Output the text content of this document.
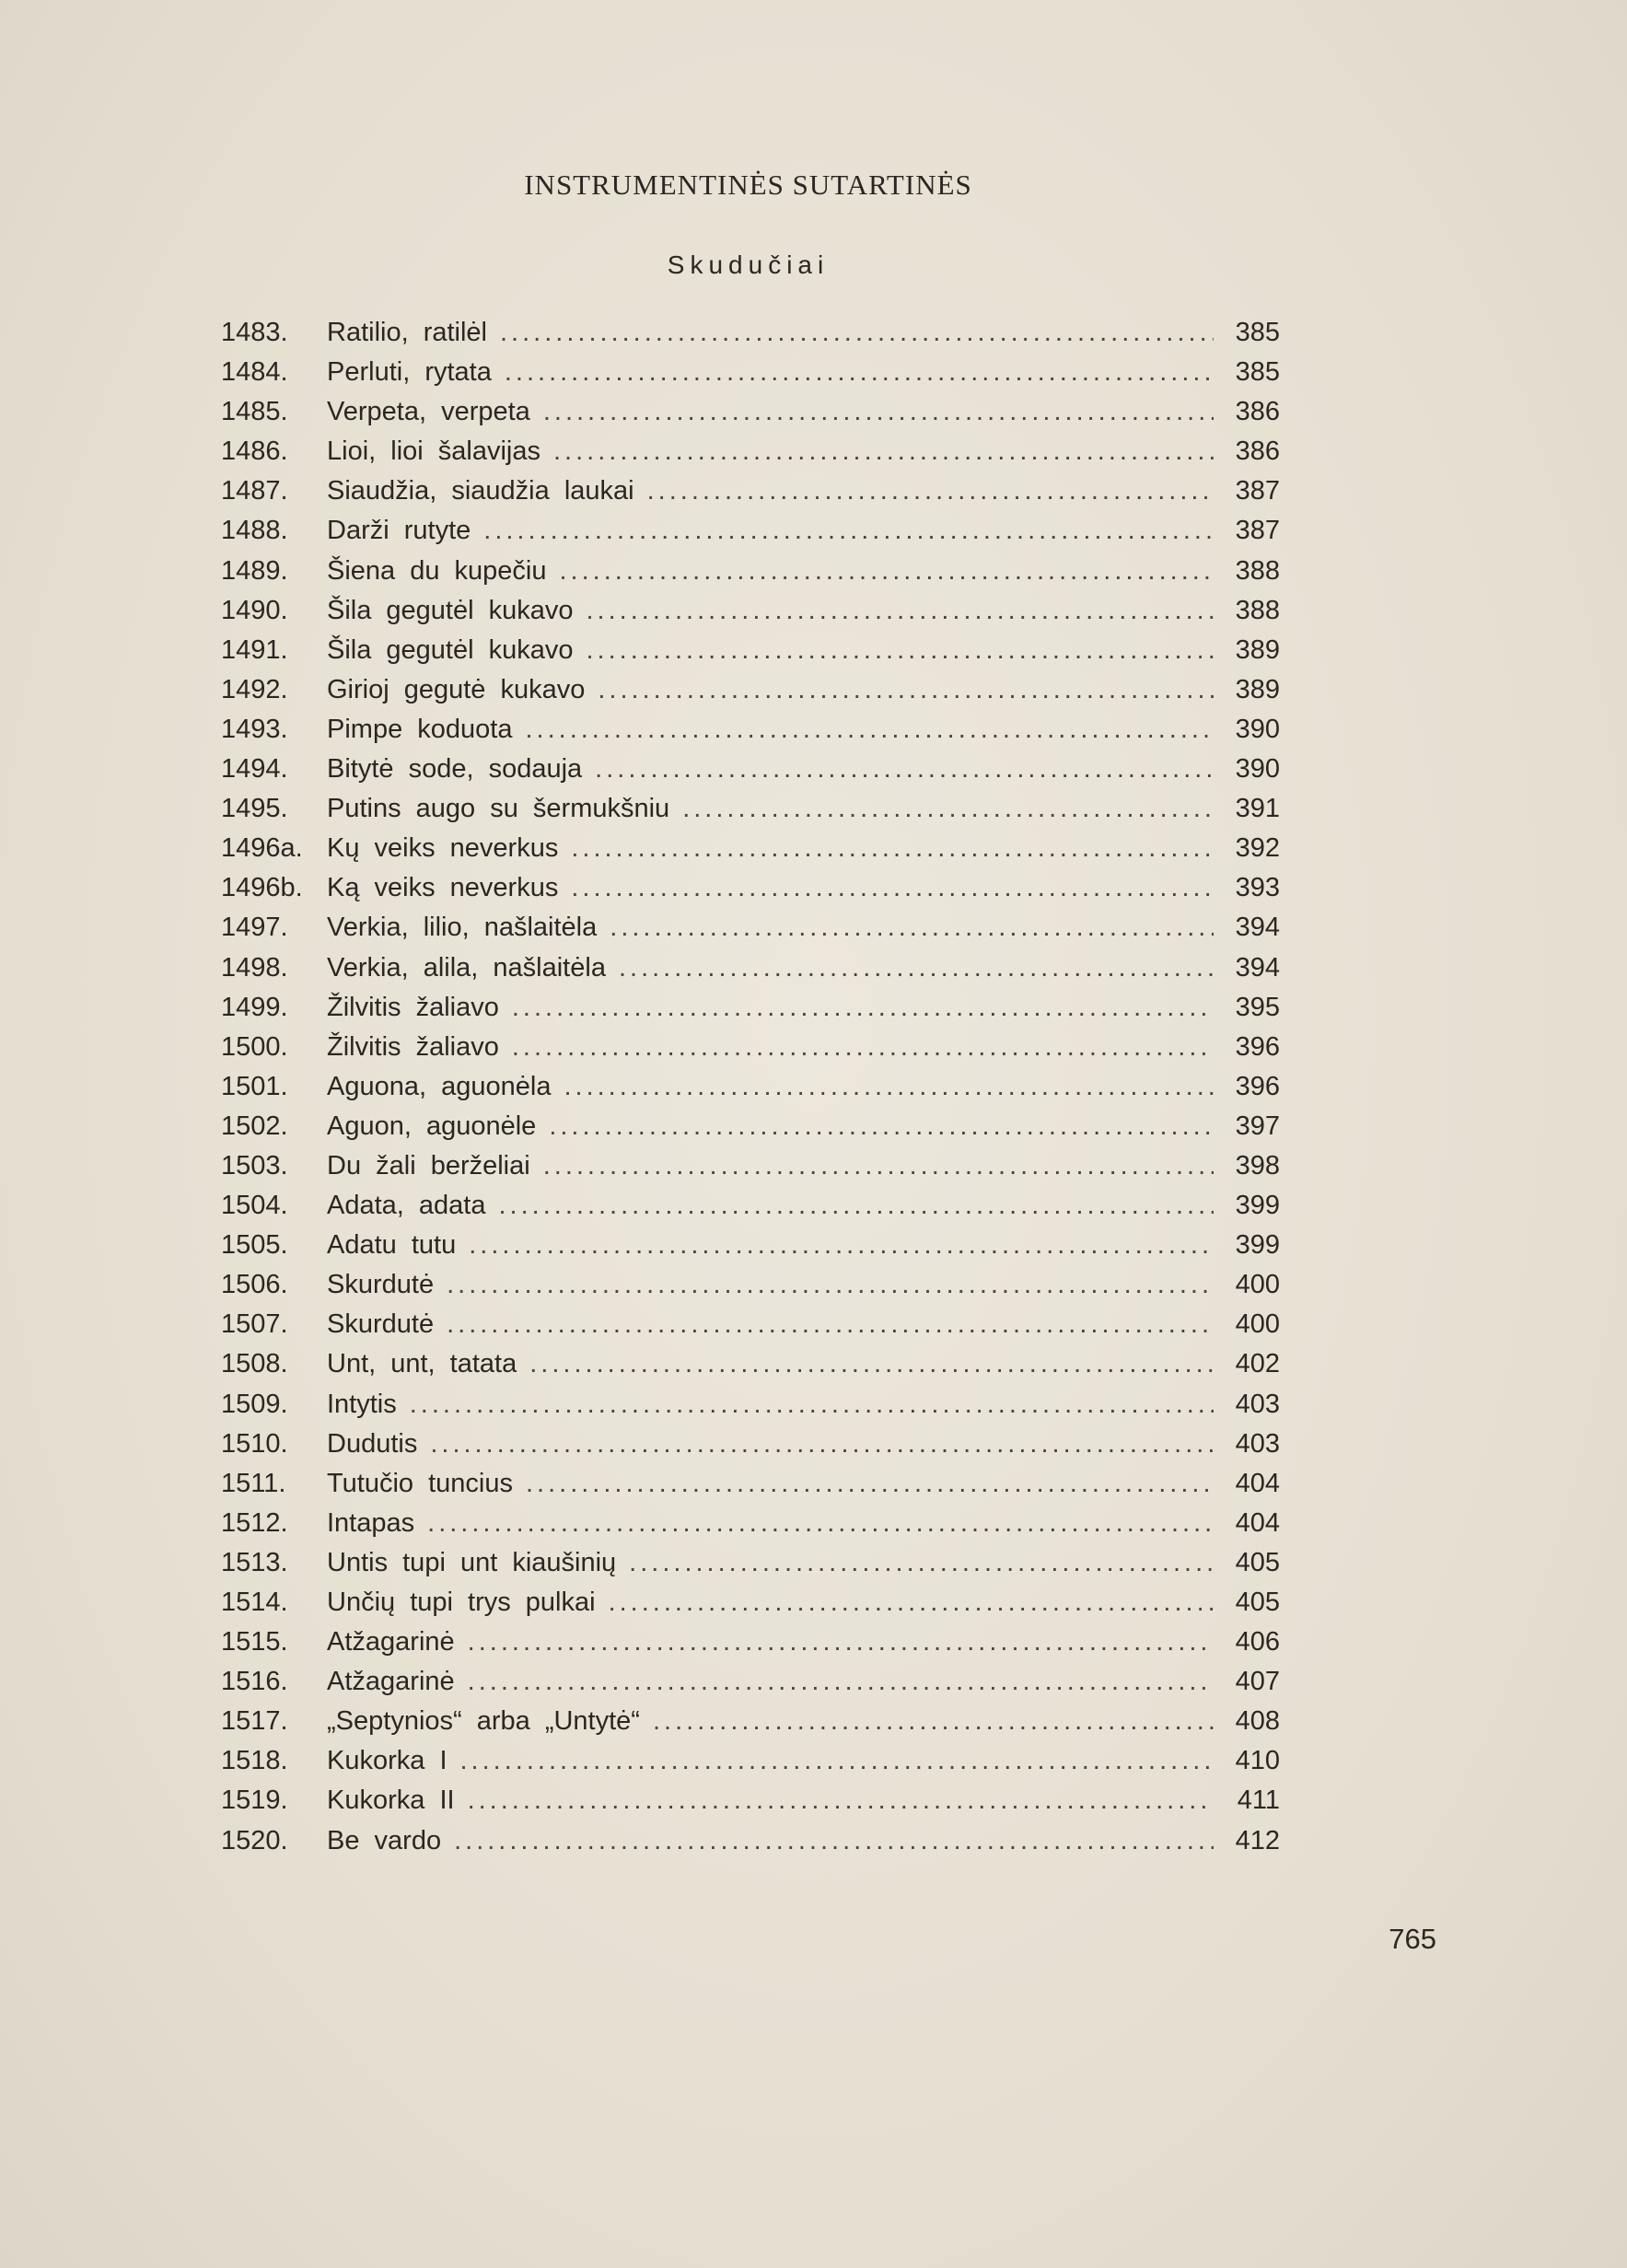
INSTRUMENTINĖS SUTARTINĖS
Skudučiai
1483.	Ratilio, ratilėl .....	385
1484.	Perluti, rytata .....	385
1485.	Verpeta, verpeta .....	386
1486.	Lioi, lioi šalavijas .....	386
1487.	Siaudžia, siaudžia laukai .....	387
1488.	Darži rutyte .....	387
1489.	Šiena du kupečiu .....	388
1490.	Šila gegutėl kukavo .....	388
1491.	Šila gegutėl kukavo .....	389
1492.	Girioj gegutė kukavo .....	389
1493.	Pimpe koduota .....	390
1494.	Bitytė sode, sodauja .....	390
1495.	Putins augo su šermukšniu .....	391
1496a. Kų veiks neverkus .....	392
1496b. Ką veiks neverkus .....	393
1497.	Verkia, lilio, našlaitėla .....	394
1498.	Verkia, alila, našlaitėla .....	394
1499.	Žilvitis žaliavo .....	395
1500.	Žilvitis žaliavo .....	396
1501.	Aguona, aguonėla .....	396
1502.	Aguon, aguonėle .....	397
1503.	Du žali berželiai .....	398
1504.	Adata, adata .....	399
1505.	Adatu tutu .....	399
1506.	Skurdutė .....	400
1507.	Skurdutė .....	400
1508.	Unt, unt, tatata .....	402
1509.	Intytis .....	403
1510.	Dudutis .....	403
1511.	Tutučio tuncius .....	404
1512.	Intapas .....	404
1513.	Untis tupi unt kiaušinių .....	405
1514.	Unčių tupi trys pulkai .....	405
1515.	Atžagarinė .....	406
1516.	Atžagarinė .....	407
1517.	„Septynios“ arba „Untytė“ .....	408
1518.	Kukorka I .....	410
1519.	Kukorka II .....	411
1520.	Be vardo .....	412
765
